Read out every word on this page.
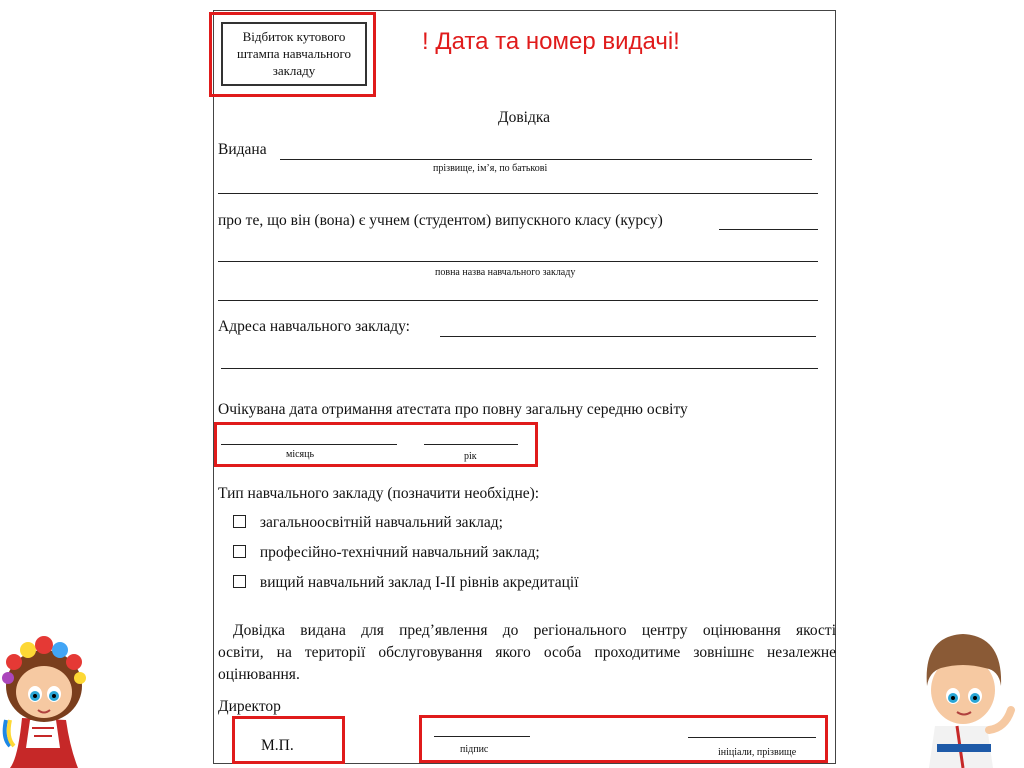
Відбиток кутового
штампа навчального
закладу
! Дата та номер видачі!
Довідка
Видана
прізвище, ім’я, по батькові
про те, що він (вона) є учнем (студентом) випускного класу (курсу)
повна назва навчального закладу
Адреса навчального закладу:
Очікувана дата отримання атестата про повну загальну середню освіту
місяць	рік
Тип навчального закладу (позначити необхідне):
загальноосвітній навчальний заклад;
професійно-технічний навчальний заклад;
вищий навчальний заклад І-ІІ рівнів акредитації
Довідка видана для пред’явлення до регіонального центру оцінювання якості
освіти, на території обслуговування якого особа проходитиме зовнішнє незалежне
оцінювання.
Директор
М.П.	підпис	ініціали, прізвище
